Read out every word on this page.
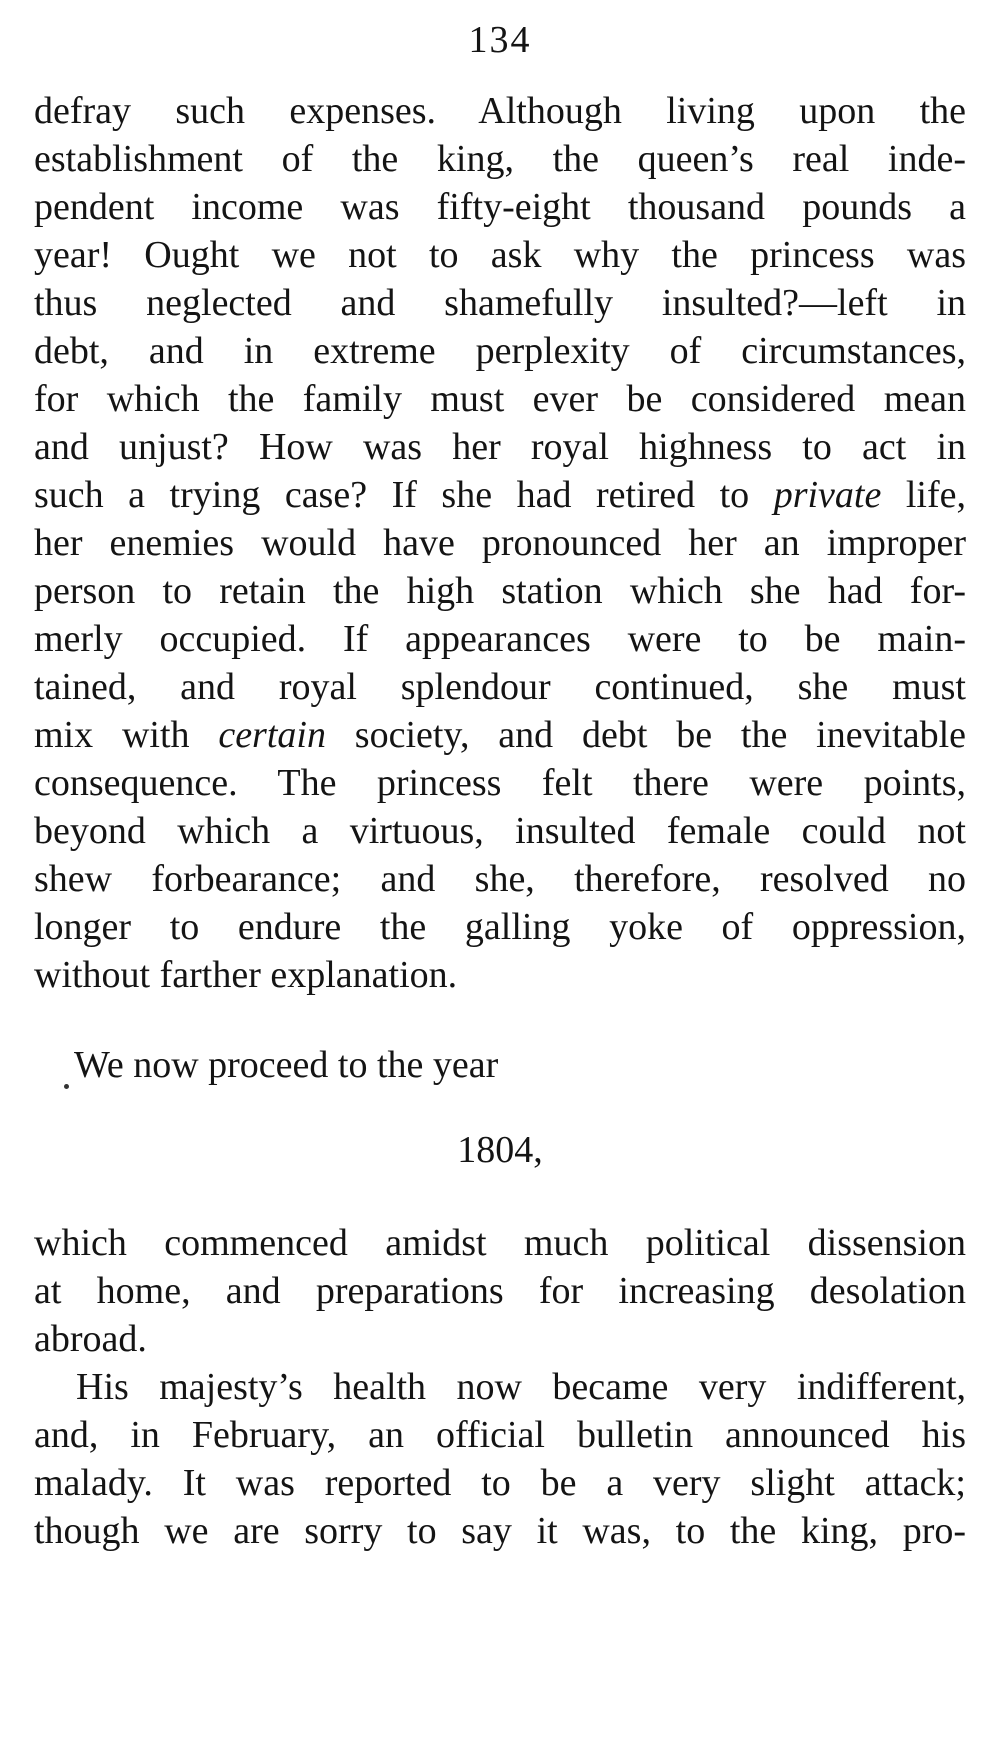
134

defray such expenses. Although living upon the

establishment of the king, the queen’s real inde-

pendent income was fifty-eight thousand pounds a

year! Ought we not to ask why the princess was

thus neglected and shamefully insulted?—left in

debt, and in extreme perplexity of circumstances,

for which the family must ever be considered mean

and unjust? How was her royal highness to act in

such a trying case? If she had retired to private life,

her enemies would have pronounced her an improper

person to retain the high station which she had for-

merly occupied. If appearances were to be main-

tained, and royal splendour continued, she must

mix with certain society, and debt be the inevitable

consequence. The princess felt there were points,

beyond which a virtuous, insulted female could not

shew forbearance; and she, therefore, resolved no

longer to endure the galling yoke of oppression,

without farther explanation.

We now proceed to the year

1804,

which commenced amidst much political dissension

at home, and preparations for increasing desolation

abroad.

His majesty’s health now became very indifferent,

and, in February, an official bulletin announced his

malady. It was reported to be a very slight attack;

though we are sorry to say it was, to the king, pro-
